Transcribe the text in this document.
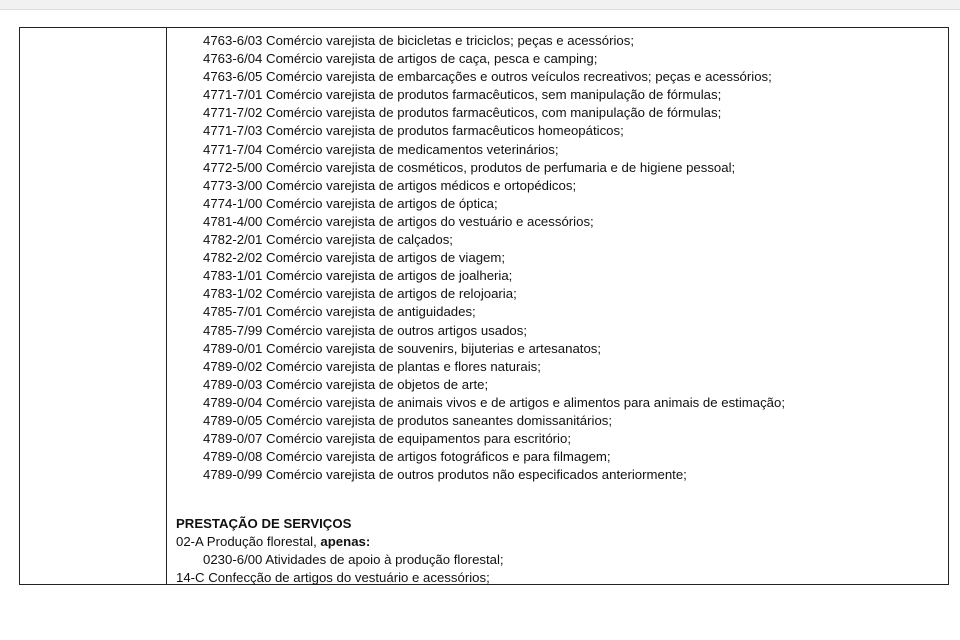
4763-6/03 Comércio varejista de bicicletas e triciclos; peças e acessórios;
4763-6/04 Comércio varejista de artigos de caça, pesca e camping;
4763-6/05 Comércio varejista de embarcações e outros veículos recreativos; peças e acessórios;
4771-7/01 Comércio varejista de produtos farmacêuticos, sem manipulação de fórmulas;
4771-7/02 Comércio varejista de produtos farmacêuticos, com manipulação de fórmulas;
4771-7/03 Comércio varejista de produtos farmacêuticos homeopáticos;
4771-7/04 Comércio varejista de medicamentos veterinários;
4772-5/00 Comércio varejista de cosméticos, produtos de perfumaria e de higiene pessoal;
4773-3/00 Comércio varejista de artigos médicos e ortopédicos;
4774-1/00 Comércio varejista de artigos de óptica;
4781-4/00 Comércio varejista de artigos do vestuário e acessórios;
4782-2/01 Comércio varejista de calçados;
4782-2/02 Comércio varejista de artigos de viagem;
4783-1/01 Comércio varejista de artigos de joalheria;
4783-1/02 Comércio varejista de artigos de relojoaria;
4785-7/01 Comércio varejista de antiguidades;
4785-7/99 Comércio varejista de outros artigos usados;
4789-0/01 Comércio varejista de souvenirs, bijuterias e artesanatos;
4789-0/02 Comércio varejista de plantas e flores naturais;
4789-0/03 Comércio varejista de objetos de arte;
4789-0/04 Comércio varejista de animais vivos e de artigos e alimentos para animais de estimação;
4789-0/05 Comércio varejista de produtos saneantes domissanitários;
4789-0/07 Comércio varejista de equipamentos para escritório;
4789-0/08 Comércio varejista de artigos fotográficos e para filmagem;
4789-0/99 Comércio varejista de outros produtos não especificados anteriormente;
PRESTAÇÃO DE SERVIÇOS
02-A Produção florestal, apenas:
0230-6/00 Atividades de apoio à produção florestal;
14-C Confecção de artigos do vestuário e acessórios;
